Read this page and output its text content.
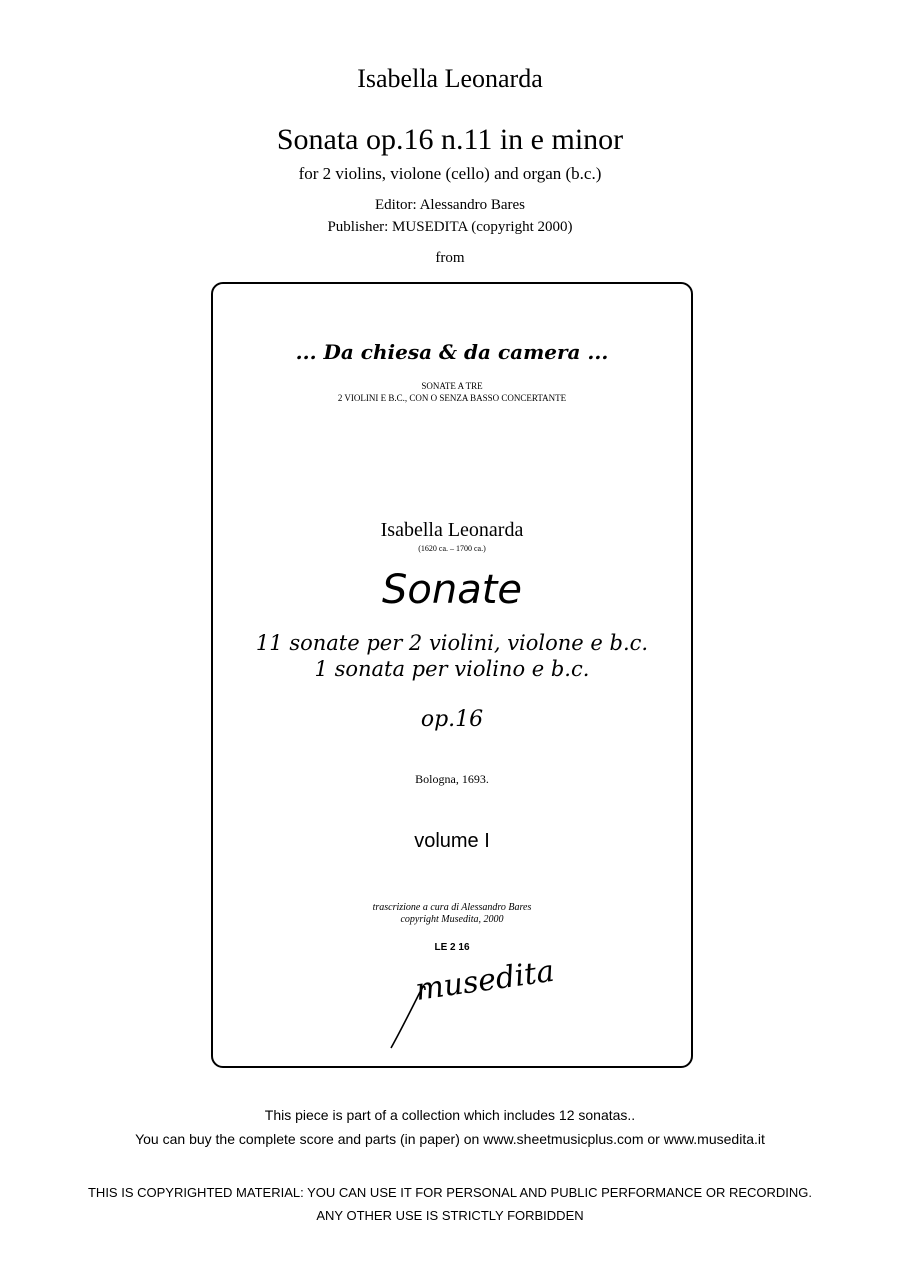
Isabella Leonarda
Sonata op.16 n.11 in e minor
for 2 violins, violone (cello) and organ (b.c.)
Editor: Alessandro Bares
Publisher: MUSEDITA (copyright 2000)
from
... Da chiesa & da camera ...
SONATE A TRE
2 VIOLINI E B.C., CON O SENZA BASSO CONCERTANTE
Isabella Leonarda
(1620 ca. – 1700 ca.)
Sonate
11 sonate per 2 violini, violone e b.c.
1 sonata per violino e b.c.
op.16
Bologna, 1693.
volume I
trascrizione a cura di Alessandro Bares
copyright Musedita, 2000
LE 2 16
musedita
This piece is part of a collection which includes 12 sonatas..
You can buy the complete score and parts (in paper) on www.sheetmusicplus.com or www.musedita.it
THIS IS COPYRIGHTED MATERIAL: YOU CAN USE IT FOR PERSONAL AND PUBLIC PERFORMANCE OR RECORDING.
ANY OTHER USE IS STRICTLY FORBIDDEN
